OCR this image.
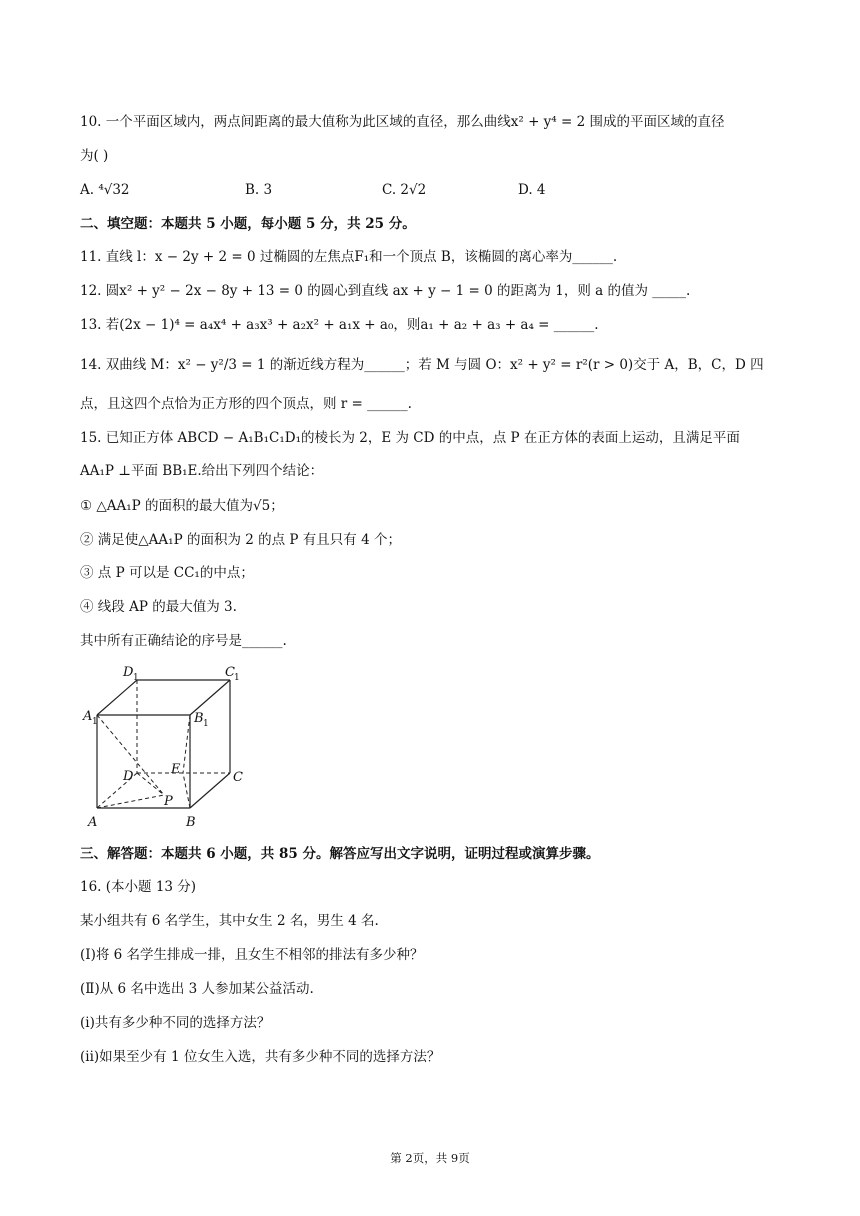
10. 一个平面区域内，两点间距离的最大值称为此区域的直径，那么曲线x² + y⁴ = 2 围成的平面区域的直径
为( )
A. ⁴√32	B. 3	C. 2√2	D. 4
二、填空题：本题共 5 小题，每小题 5 分，共 25 分。
11. 直线 l：x − 2y + 2 = 0 过椭圆的左焦点F₁和一个顶点 B，该椭圆的离心率为______.
12. 圆x² + y² − 2x − 8y + 13 = 0 的圆心到直线 ax + y − 1 = 0 的距离为 1，则 a 的值为 _____.
13. 若(2x − 1)⁴ = a₄x⁴ + a₃x³ + a₂x² + a₁x + a₀，则a₁ + a₂ + a₃ + a₄ = ______.
14. 双曲线 M：x² − y²/3 = 1 的渐近线方程为______；若 M 与圆 O：x² + y² = r²(r > 0)交于 A，B，C，D 四
点，且这四个点恰为正方形的四个顶点，则 r = ______.
15. 已知正方体 ABCD − A₁B₁C₁D₁的棱长为 2，E 为 CD 的中点，点 P 在正方体的表面上运动，且满足平面
AA₁P ⊥平面 BB₁E.给出下列四个结论：
① △AA₁P 的面积的最大值为√5；
② 满足使△AA₁P 的面积为 2 的点 P 有且只有 4 个；
③ 点 P 可以是 CC₁的中点；
④ 线段 AP 的最大值为 3.
其中所有正确结论的序号是______.
A 1	B 1
C 1
D 1
C
D	E
P
A	B
三、解答题：本题共 6 小题，共 85 分。解答应写出文字说明，证明过程或演算步骤。
16. (本小题 13 分)
某小组共有 6 名学生，其中女生 2 名，男生 4 名.
(Ⅰ)将 6 名学生排成一排，且女生不相邻的排法有多少种？
(Ⅱ)从 6 名中选出 3 人参加某公益活动.
(i)共有多少种不同的选择方法？
(ii)如果至少有 1 位女生入选，共有多少种不同的选择方法？
第 2页，共 9页
